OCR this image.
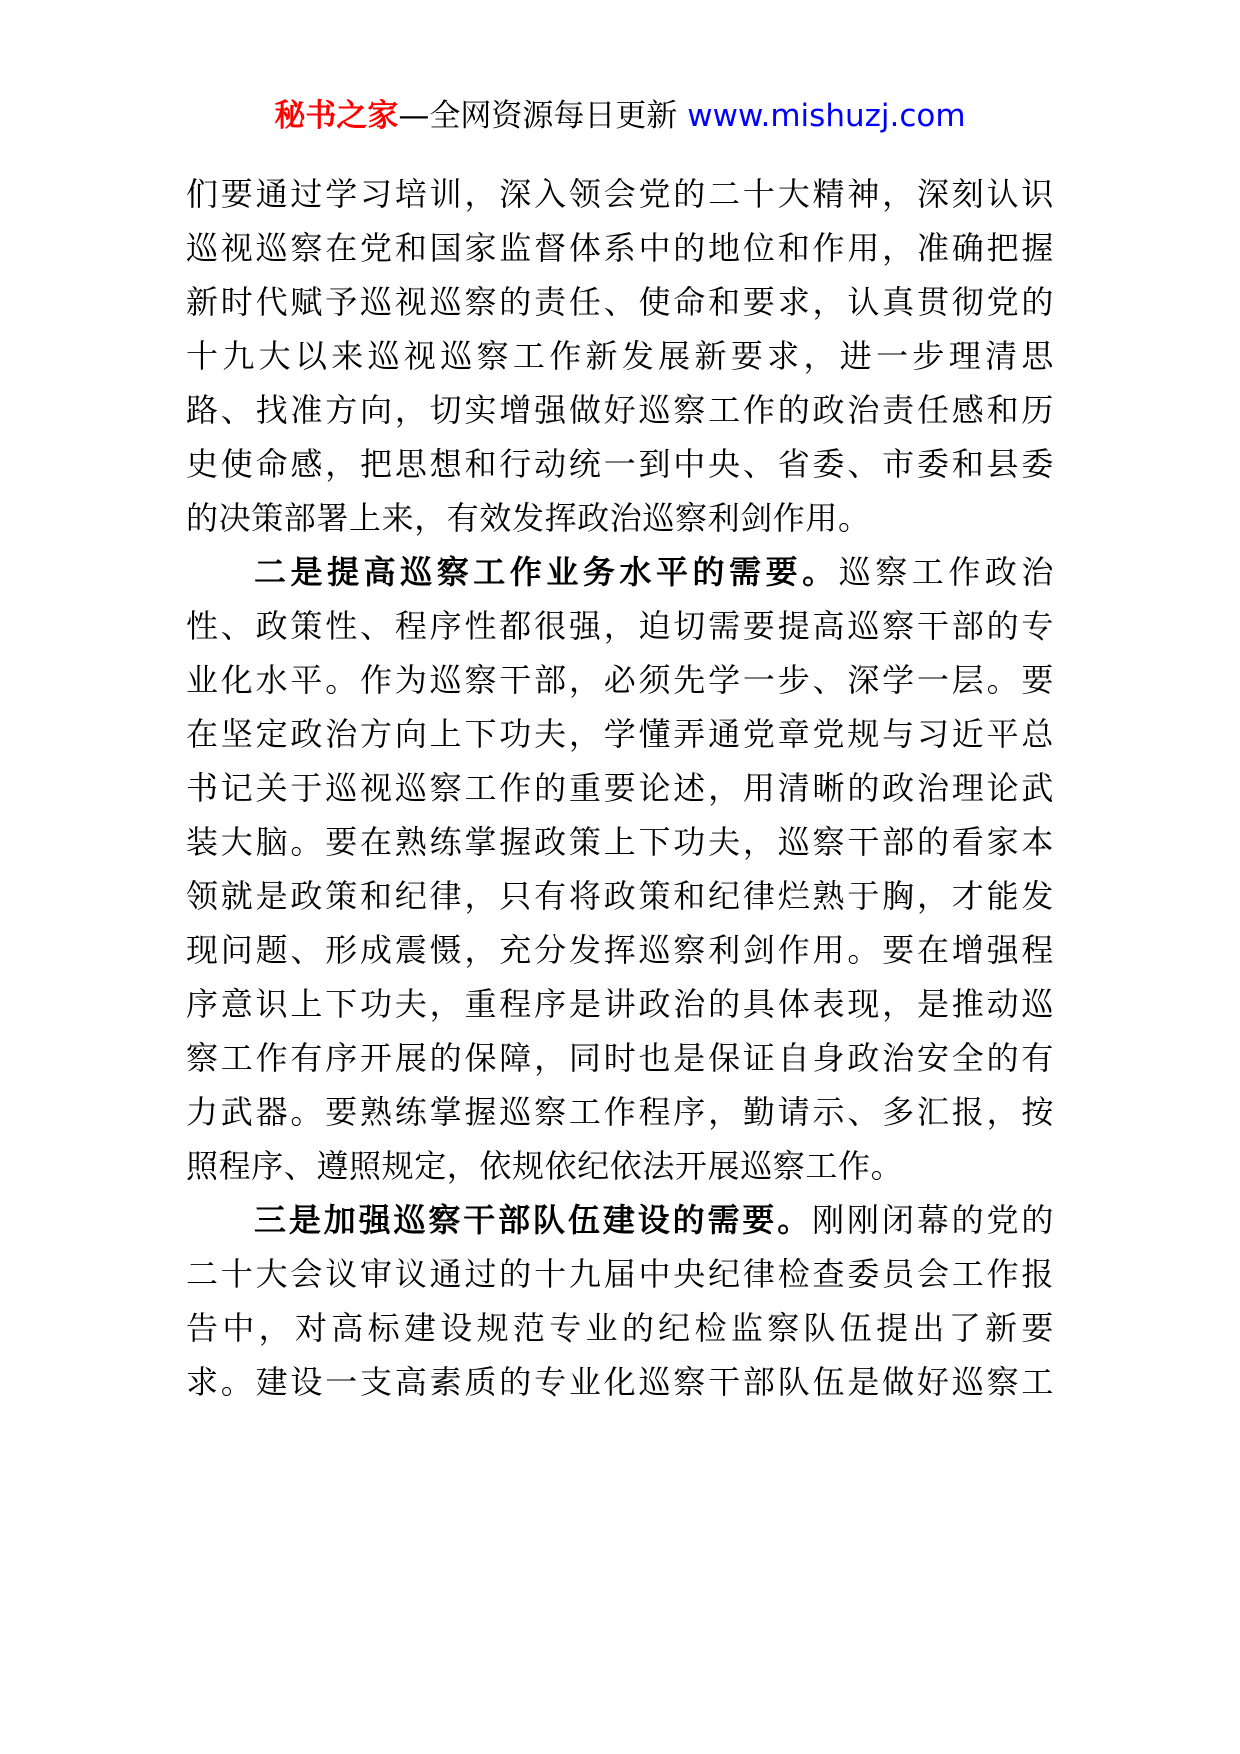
秘书之家—全网资源每日更新 www.mishuzj.com
们要通过学习培训，深入领会党的二十大精神，深刻认识
巡视巡察在党和国家监督体系中的地位和作用，准确把握
新时代赋予巡视巡察的责任、使命和要求，认真贯彻党的
十九大以来巡视巡察工作新发展新要求，进一步理清思
路、找准方向，切实增强做好巡察工作的政治责任感和历
史使命感，把思想和行动统一到中央、省委、市委和县委
的决策部署上来，有效发挥政治巡察利剑作用。
二是提高巡察工作业务水平的需要。巡察工作政治
性、政策性、程序性都很强，迫切需要提高巡察干部的专
业化水平。作为巡察干部，必须先学一步、深学一层。要
在坚定政治方向上下功夫，学懂弄通党章党规与习近平总
书记关于巡视巡察工作的重要论述，用清晰的政治理论武
装大脑。要在熟练掌握政策上下功夫，巡察干部的看家本
领就是政策和纪律，只有将政策和纪律烂熟于胸，才能发
现问题、形成震慑，充分发挥巡察利剑作用。要在增强程
序意识上下功夫，重程序是讲政治的具体表现，是推动巡
察工作有序开展的保障，同时也是保证自身政治安全的有
力武器。要熟练掌握巡察工作程序，勤请示、多汇报，按
照程序、遵照规定，依规依纪依法开展巡察工作。
三是加强巡察干部队伍建设的需要。刚刚闭幕的党的
二十大会议审议通过的十九届中央纪律检查委员会工作报
告中，对高标建设规范专业的纪检监察队伍提出了新要
求。建设一支高素质的专业化巡察干部队伍是做好巡察工
